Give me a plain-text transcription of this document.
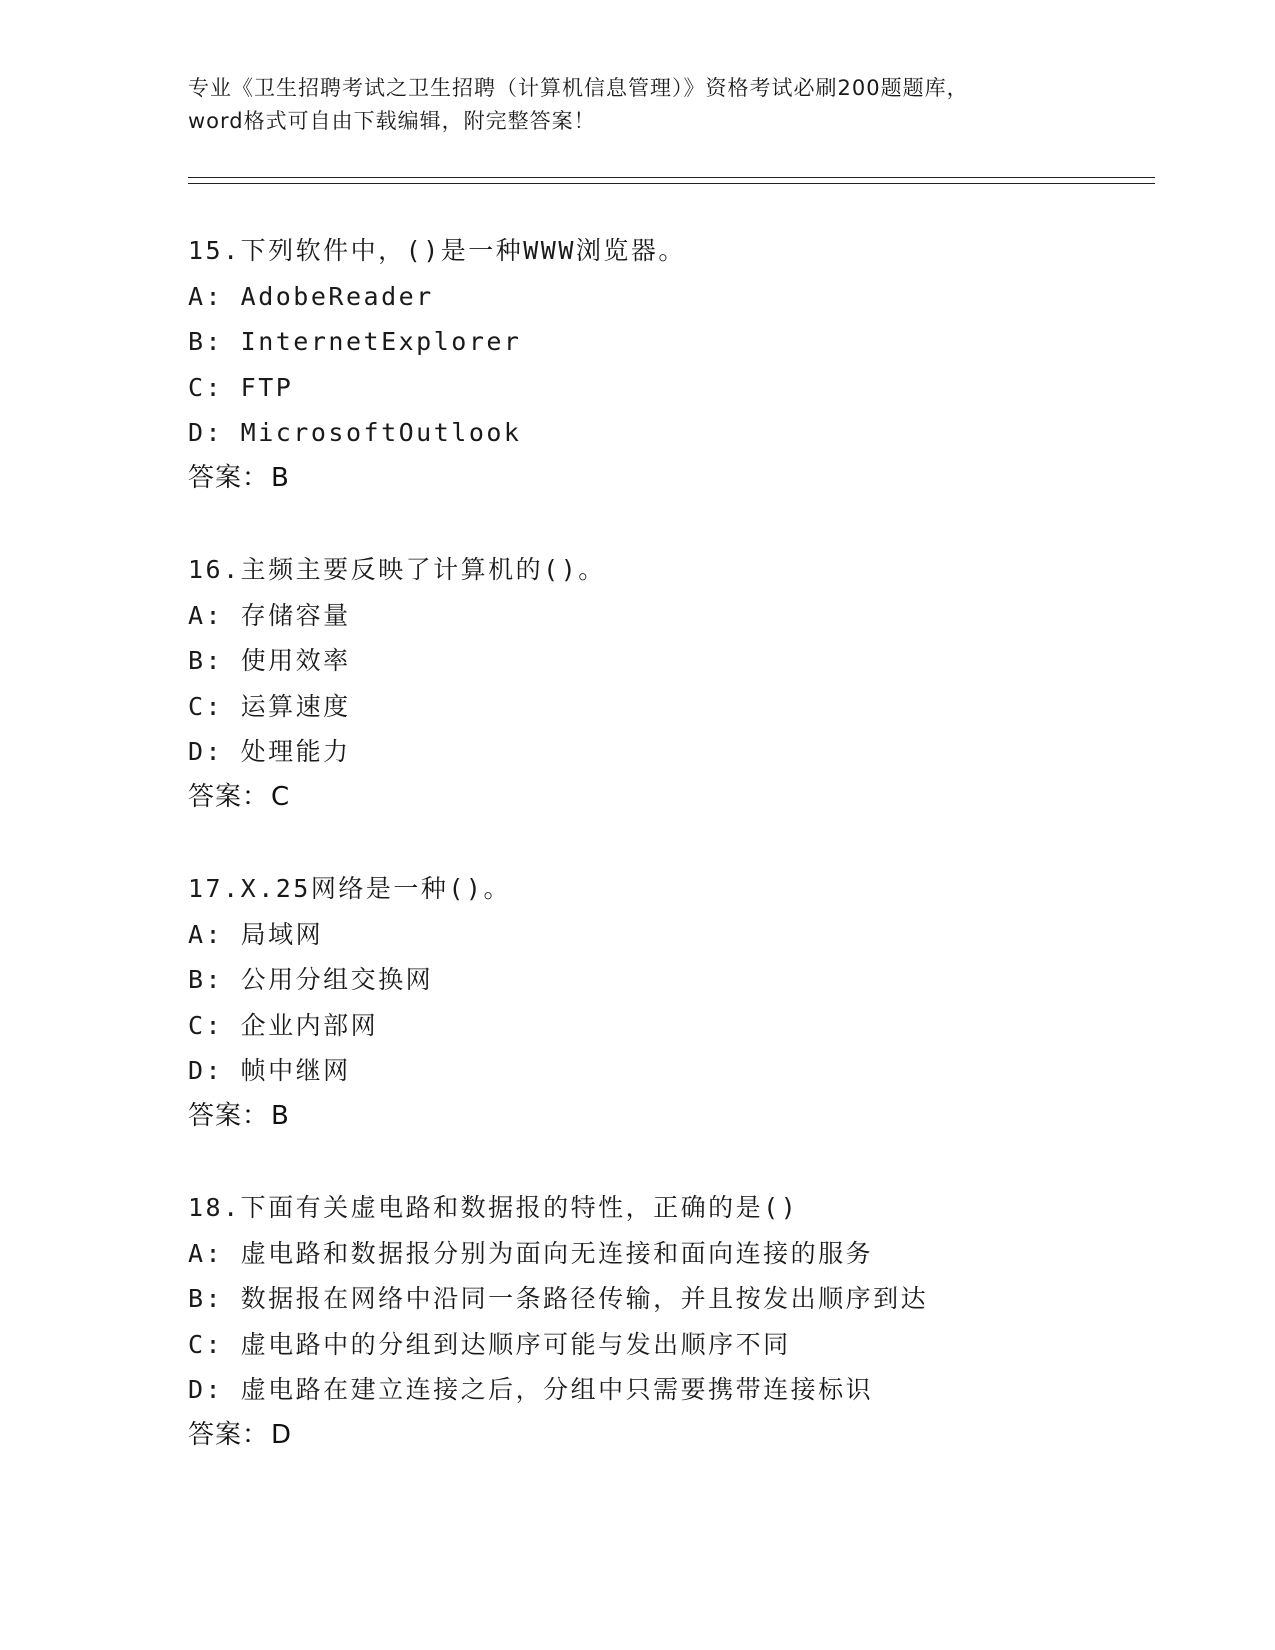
专业《卫生招聘考试之卫生招聘（计算机信息管理）》资格考试必刷200题题库，
word格式可自由下载编辑，附完整答案！
15.下列软件中，()是一种WWW浏览器。
A: AdobeReader
B: InternetExplorer
C: FTP
D: MicrosoftOutlook
答案：B
16.主频主要反映了计算机的()。
A: 存储容量
B: 使用效率
C: 运算速度
D: 处理能力
答案：C
17.X.25网络是一种()。
A: 局域网
B: 公用分组交换网
C: 企业内部网
D: 帧中继网
答案：B
18.下面有关虚电路和数据报的特性，正确的是()
A: 虚电路和数据报分别为面向无连接和面向连接的服务
B: 数据报在网络中沿同一条路径传输，并且按发出顺序到达
C: 虚电路中的分组到达顺序可能与发出顺序不同
D: 虚电路在建立连接之后，分组中只需要携带连接标识
答案：D
